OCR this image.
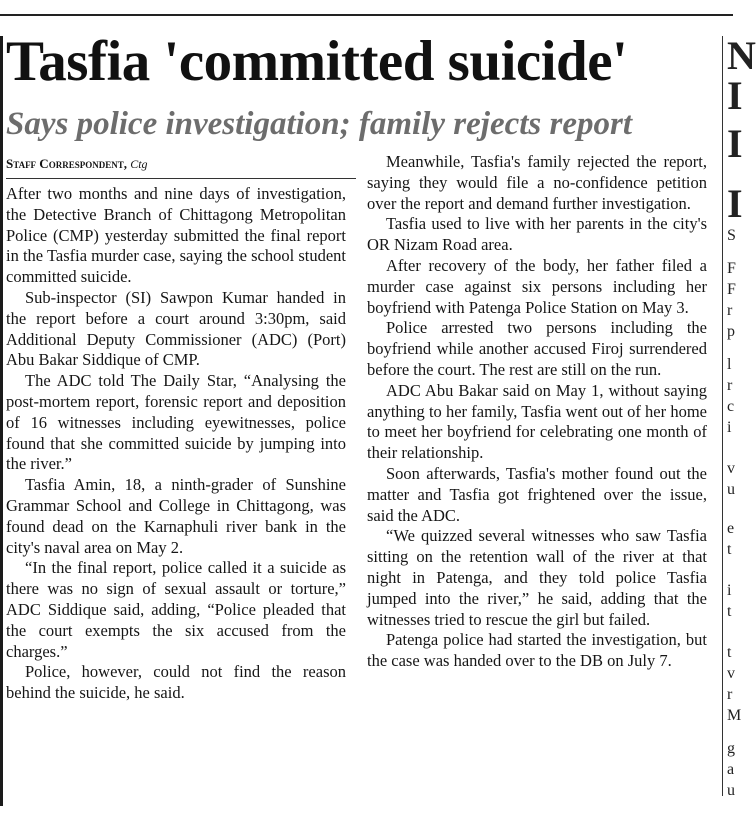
Tasfia 'committed suicide'
Says police investigation; family rejects report
Staff Correspondent, Ctg

After two months and nine days of investigation, the Detective Branch of Chittagong Metropolitan Police (CMP) yesterday submitted the final report in the Tasfia murder case, saying the school student committed suicide.

Sub-inspector (SI) Sawpon Kumar handed in the report before a court around 3:30pm, said Additional Deputy Commissioner (ADC) (Port) Abu Bakar Siddique of CMP.

The ADC told The Daily Star, “Analysing the post-mortem report, forensic report and deposition of 16 witnesses including eyewitnesses, police found that she committed suicide by jumping into the river.”

Tasfia Amin, 18, a ninth-grader of Sunshine Grammar School and College in Chittagong, was found dead on the Karnaphuli river bank in the city's naval area on May 2.

“In the final report, police called it a suicide as there was no sign of sexual assault or torture,” ADC Siddique said, adding, “Police pleaded that the court exempts the six accused from the charges.”

Police, however, could not find the reason behind the suicide, he said.

Meanwhile, Tasfia's family rejected the report, saying they would file a no-confidence petition over the report and demand further investigation.

Tasfia used to live with her parents in the city's OR Nizam Road area.

After recovery of the body, her father filed a murder case against six persons including her boyfriend with Patenga Police Station on May 3.

Police arrested two persons including the boyfriend while another accused Firoj surrendered before the court. The rest are still on the run.

ADC Abu Bakar said on May 1, without saying anything to her family, Tasfia went out of her home to meet her boyfriend for celebrating one month of their relationship.

Soon afterwards, Tasfia's mother found out the matter and Tasfia got frightened over the issue, said the ADC.

“We quizzed several witnesses who saw Tasfia sitting on the retention wall of the river at that night in Patenga, and they told police Tasfia jumped into the river,” he said, adding that the witnesses tried to rescue the girl but failed.

Patenga police had started the investigation, but the case was handed over to the DB on July 7.

N
I
I
I
S
F
F
r
p
l
r
c
i
v
u
e
t
i
t
t
v
r
M
g
a
u
